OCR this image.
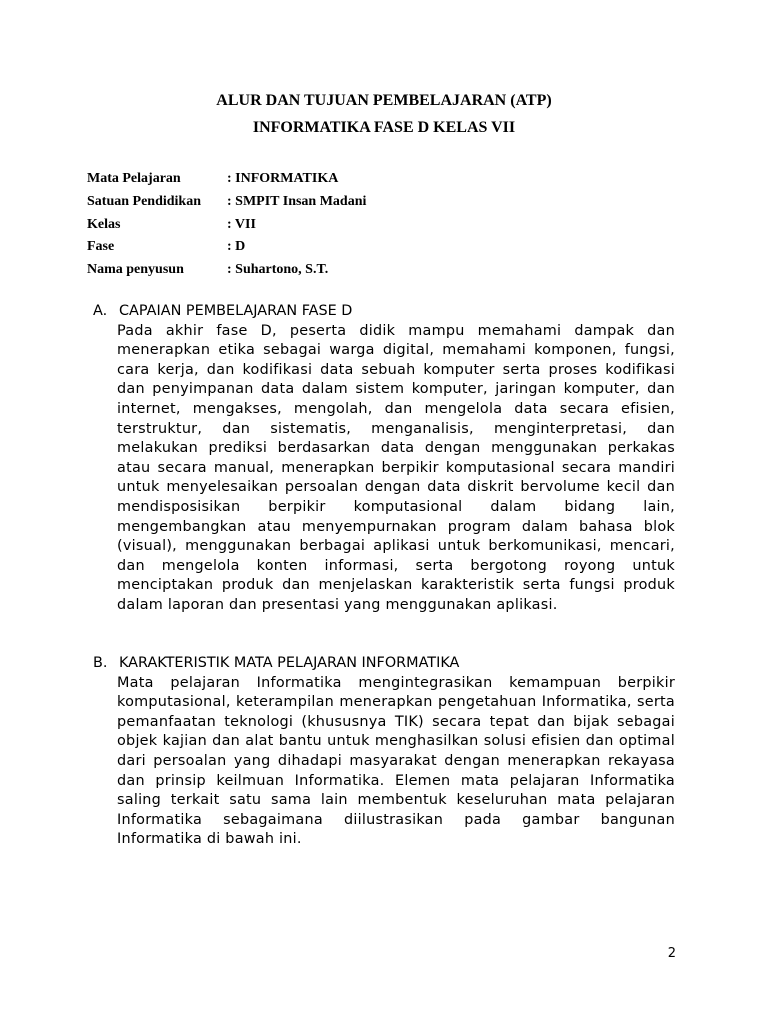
ALUR DAN TUJUAN PEMBELAJARAN (ATP)
INFORMATIKA FASE D KELAS VII
Mata Pelajaran	: INFORMATIKA
Satuan Pendidikan : SMPIT Insan Madani
Kelas	: VII
Fase	: D
Nama penyusun	: Suhartono, S.T.
A. CAPAIAN PEMBELAJARAN FASE D
Pada akhir fase D, peserta didik mampu memahami dampak dan menerapkan etika sebagai warga digital, memahami komponen, fungsi, cara kerja, dan kodifikasi data sebuah komputer serta proses kodifikasi dan penyimpanan data dalam sistem komputer, jaringan komputer, dan internet, mengakses, mengolah, dan mengelola data secara efisien, terstruktur, dan sistematis, menganalisis, menginterpretasi, dan melakukan prediksi berdasarkan data dengan menggunakan perkakas atau secara manual, menerapkan berpikir komputasional secara mandiri untuk menyelesaikan persoalan dengan data diskrit bervolume kecil dan mendisposisikan berpikir komputasional dalam bidang lain, mengembangkan atau menyempurnakan program dalam bahasa blok (visual), menggunakan berbagai aplikasi untuk berkomunikasi, mencari, dan mengelola konten informasi, serta bergotong royong untuk menciptakan produk dan menjelaskan karakteristik serta fungsi produk dalam laporan dan presentasi yang menggunakan aplikasi.
B. KARAKTERISTIK MATA PELAJARAN INFORMATIKA
Mata pelajaran Informatika mengintegrasikan kemampuan berpikir komputasional, keterampilan menerapkan pengetahuan Informatika, serta pemanfaatan teknologi (khususnya TIK) secara tepat dan bijak sebagai objek kajian dan alat bantu untuk menghasilkan solusi efisien dan optimal dari persoalan yang dihadapi masyarakat dengan menerapkan rekayasa dan prinsip keilmuan Informatika. Elemen mata pelajaran Informatika saling terkait satu sama lain membentuk keseluruhan mata pelajaran Informatika sebagaimana diilustrasikan pada gambar bangunan Informatika di bawah ini.
2
